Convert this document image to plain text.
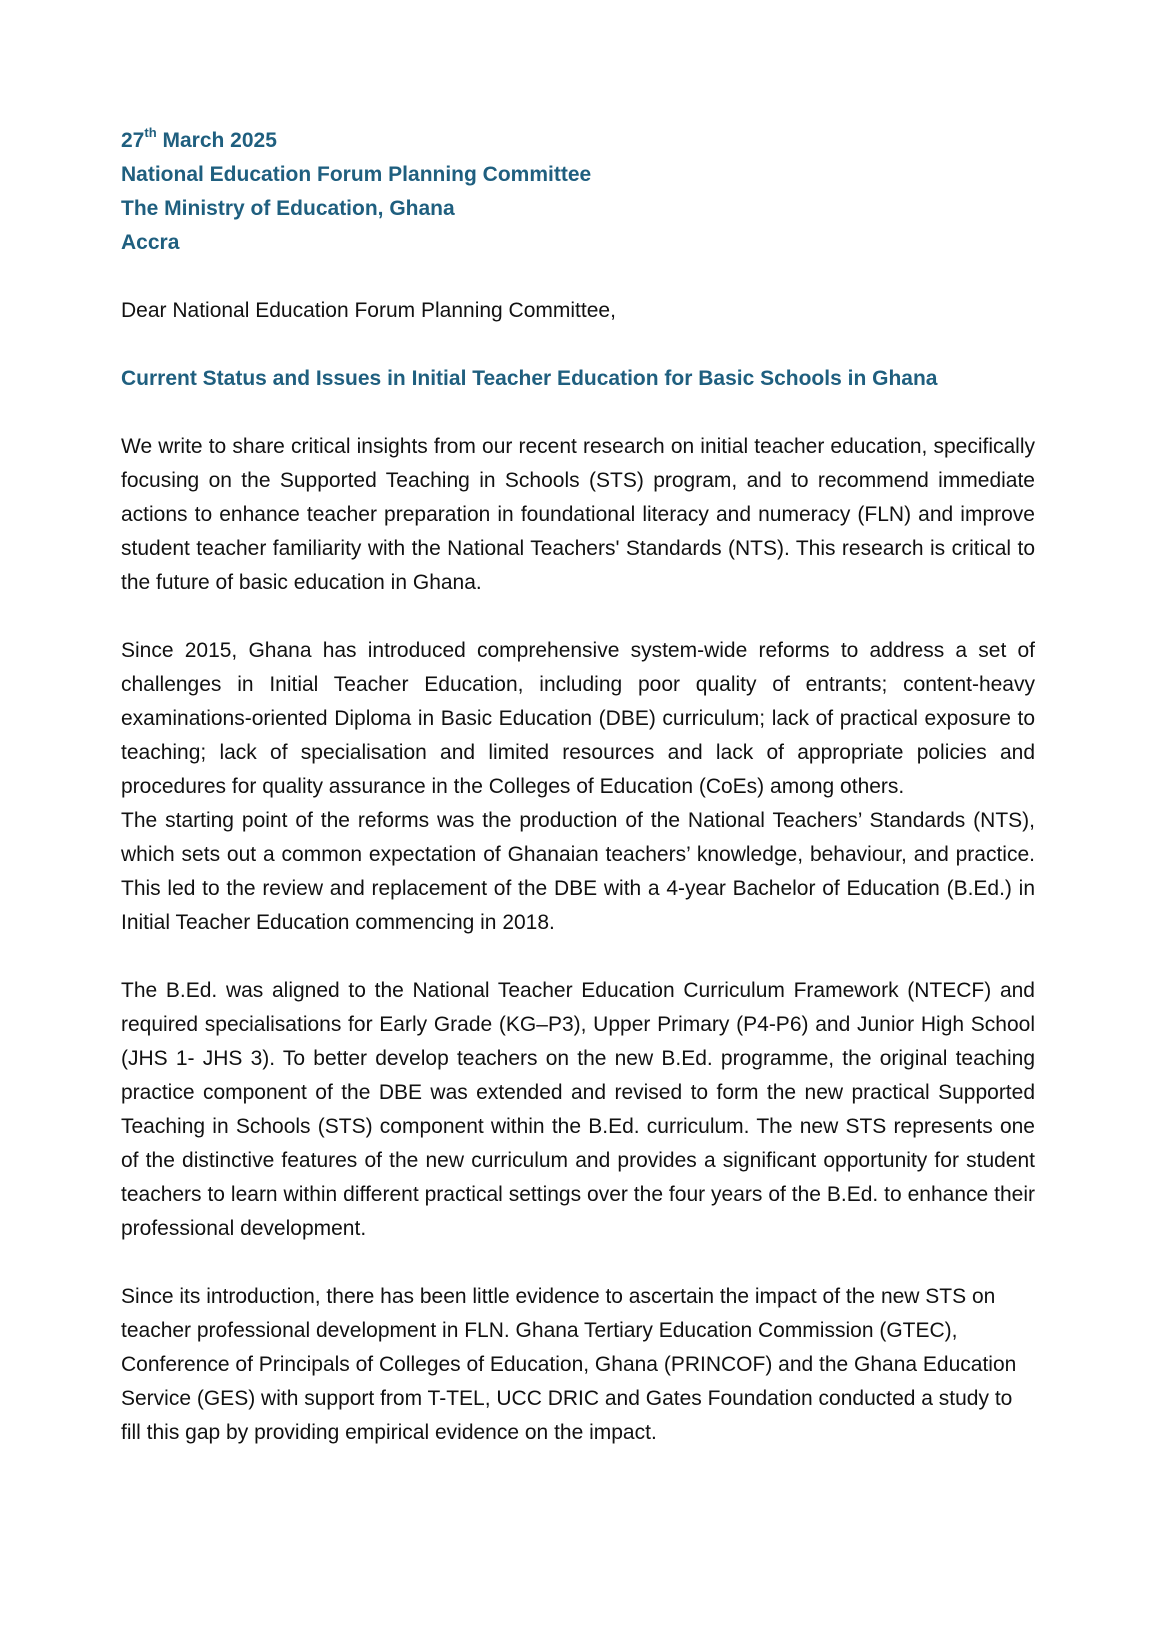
27th March 2025
National Education Forum Planning Committee
The Ministry of Education, Ghana
Accra
Dear National Education Forum Planning Committee,
Current Status and Issues in Initial Teacher Education for Basic Schools in Ghana

We write to share critical insights from our recent research on initial teacher education, specifically focusing on the Supported Teaching in Schools (STS) program, and to recommend immediate actions to enhance teacher preparation in foundational literacy and numeracy (FLN) and improve student teacher familiarity with the National Teachers' Standards (NTS). This research is critical to the future of basic education in Ghana.

Since 2015, Ghana has introduced comprehensive system-wide reforms to address a set of challenges in Initial Teacher Education, including poor quality of entrants; content-heavy examinations-oriented Diploma in Basic Education (DBE) curriculum; lack of practical exposure to teaching; lack of specialisation and limited resources and lack of appropriate policies and procedures for quality assurance in the Colleges of Education (CoEs) among others.

The starting point of the reforms was the production of the National Teachers’ Standards (NTS), which sets out a common expectation of Ghanaian teachers’ knowledge, behaviour, and practice. This led to the review and replacement of the DBE with a 4-year Bachelor of Education (B.Ed.) in Initial Teacher Education commencing in 2018.

The B.Ed. was aligned to the National Teacher Education Curriculum Framework (NTECF) and required specialisations for Early Grade (KG–P3), Upper Primary (P4-P6) and Junior High School (JHS 1- JHS 3). To better develop teachers on the new B.Ed. programme, the original teaching practice component of the DBE was extended and revised to form the new practical Supported Teaching in Schools (STS) component within the B.Ed. curriculum. The new STS represents one of the distinctive features of the new curriculum and provides a significant opportunity for student teachers to learn within different practical settings over the four years of the B.Ed. to enhance their professional development.

Since its introduction, there has been little evidence to ascertain the impact of the new STS on teacher professional development in FLN. Ghana Tertiary Education Commission (GTEC), Conference of Principals of Colleges of Education, Ghana (PRINCOF) and the Ghana Education Service (GES) with support from T-TEL, UCC DRIC and Gates Foundation conducted a study to fill this gap by providing empirical evidence on the impact.
